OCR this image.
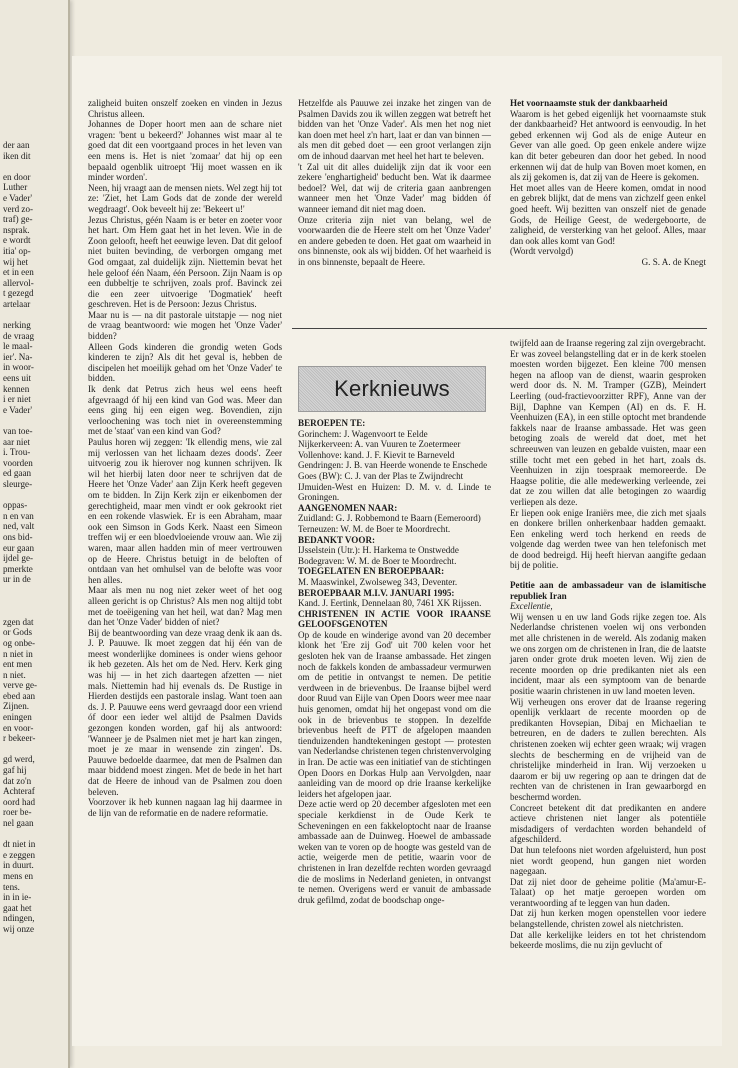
der aan

iken dit

en door

Luther

e Vader'

verd zo-

traf) ge-

nsprak.

e wordt

itia' op-

wij het

et in een

allervol-

t gezegd

artelaar

nerking

de vraag

le maal-

ier'. Na-

in woor-

eens uit

kennen

i er niet

e Vader'

van toe-

aar niet

i. Trou-

voorden

ed gaan

sleurge-

oppas-

n en van

ned, valt

ons bid-

eur gaan

ijdel ge-

pmerkte

ur in de

zgen dat

or Gods

og onbe-

n niet in

ent men

n niet.

verve ge-

ebed aan

Zijnen.

eningen

en voor-

r bekeer-

gd werd,

gaf hij

dat zo'n

Achteraf

oord had

roer be-

nel gaan

dt niet in

e zeggen

in duurt.

mens en

tens.

in in ie-

gaat het

ndingen,

wij onze

zaligheid buiten onszelf zoeken en vinden in Jezus Christus alleen.

Johannes de Doper hoort men aan de schare niet vragen: 'bent u bekeerd?' Johannes wist maar al te goed dat dit een voortgaand proces in het leven van een mens is. Het is niet 'zomaar' dat hij op een bepaald ogenblik uitroept 'Hij moet wassen en ik minder worden'.

Neen, hij vraagt aan de mensen niets. Wel zegt hij tot ze: 'Ziet, het Lam Gods dat de zonde der wereld wegdraagt'. Ook beveelt hij ze: 'Bekeert u!'

Jezus Christus, géén Naam is er beter en zoeter voor het hart. Om Hem gaat het in het leven. Wie in de Zoon gelooft, heeft het eeuwige leven. Dat dit geloof niet buiten bevinding, de verborgen omgang met God omgaat, zal duidelijk zijn. Niettemin bevat het hele geloof één Naam, één Persoon. Zijn Naam is op een dubbeltje te schrijven, zoals prof. Bavinck zei die een zeer uitvoerige 'Dogmatiek' heeft geschreven. Het is de Persoon: Jezus Christus.

Maar nu is — na dit pastorale uitstapje — nog niet de vraag beantwoord: wie mogen het 'Onze Vader' bidden?

Alleen Gods kinderen die grondig weten Gods kinderen te zijn? Als dit het geval is, hebben de discipelen het moeilijk gehad om het 'Onze Vader' te bidden.

Ik denk dat Petrus zich heus wel eens heeft afgevraagd óf hij een kind van God was. Meer dan eens ging hij een eigen weg. Bovendien, zijn verloochening was toch niet in overeenstemming met de 'staat' van een kind van God?

Paulus horen wij zeggen: 'Ik ellendig mens, wie zal mij verlossen van het lichaam dezes doods'. Zeer uitvoerig zou ik hierover nog kunnen schrijven. Ik wil het hierbij laten door neer te schrijven dat de Heere het 'Onze Vader' aan Zijn Kerk heeft gegeven om te bidden. In Zijn Kerk zijn er eikenbomen der gerechtigheid, maar men vindt er ook gekrookt riet en een rokende vlaswiek. Er is een Abraham, maar ook een Simson in Gods Kerk. Naast een Simeon treffen wij er een bloedvloeiende vrouw aan. Wie zij waren, maar allen hadden min of meer vertrouwen op de Heere. Christus betuigt in de beloften of ontdaan van het omhulsel van de belofte was voor hen alles.

Maar als men nu nog niet zeker weet of het oog alleen gericht is op Christus? Als men nog altijd tobt met de toeëigening van het heil, wat dan? Mag men dan het 'Onze Vader' bidden of niet?

Bij de beantwoording van deze vraag denk ik aan ds. J. P. Pauuwe. Ik moet zeggen dat hij één van de meest wonderlijke dominees is onder wiens gehoor ik heb gezeten. Als het om de Ned. Herv. Kerk ging was hij — in het zich daartegen afzetten — niet mals. Niettemin had hij evenals ds. De Rustige in Hierden destijds een pastorale inslag. Want toen aan ds. J. P. Pauuwe eens werd gevraagd door een vriend óf door een ieder wel altijd de Psalmen Davids gezongen konden worden, gaf hij als antwoord: 'Wanneer je de Psalmen niet met je hart kan zingen, moet je ze maar in wensende zin zingen'. Ds. Pauuwe bedoelde daarmee, dat men de Psalmen dan maar biddend moest zingen. Met de bede in het hart dat de Heere de inhoud van de Psalmen zou doen beleven.

Voorzover ik heb kunnen nagaan lag hij daarmee in de lijn van de reformatie en de nadere reformatie.

Hetzelfde als Pauuwe zei inzake het zingen van de Psalmen Davids zou ik willen zeggen wat betreft het bidden van het 'Onze Vader'. Als men het nog niet kan doen met heel z'n hart, laat er dan van binnen — als men dit gebed doet — een groot verlangen zijn om de inhoud daarvan met heel het hart te beleven.

't Zal uit dit alles duidelijk zijn dat ik voor een zekere 'enghartigheid' beducht ben. Wat ik daarmee bedoel? Wel, dat wij de criteria gaan aanbrengen wanneer men het 'Onze Vader' mag bidden óf wanneer iemand dit niet mag doen.

Onze criteria zijn niet van belang, wel de voorwaarden die de Heere stelt om het 'Onze Vader' en andere gebeden te doen. Het gaat om waarheid in ons binnenste, ook als wij bidden. Of het waarheid is in ons binnenste, bepaalt de Heere.

Het voornaamste stuk der dankbaarheid

Waarom is het gebed eigenlijk het voornaamste stuk der dankbaarheid? Het antwoord is eenvoudig. In het gebed erkennen wij God als de enige Auteur en Gever van alle goed. Op geen enkele andere wijze kan dit beter gebeuren dan door het gebed. In nood erkennen wij dat de hulp van Boven moet komen, en als zij gekomen is, dat zij van de Heere is gekomen.

Het moet alles van de Heere komen, omdat in nood en gebrek blijkt, dat de mens van zichzelf geen enkel goed heeft. Wij bezitten van onszelf niet de genade Gods, de Heilige Geest, de wedergeboorte, de zaligheid, de versterking van het geloof. Alles, maar dan ook alles komt van God!

(Wordt vervolgd)

G. S. A. de Knegt

Kerknieuws

BEROEPEN TE:

Gorinchem: J. Wagenvoort te Eelde

Nijkerkerveen: A. van Vuuren te Zoetermeer

Vollenhove: kand. J. F. Kievit te Barneveld

Gendringen: J. B. van Heerde wonende te Enschede

Goes (BW): C. J. van der Plas te Zwijndrecht

IJmuiden-West en Huizen: D. M. v. d. Linde te Groningen.

AANGENOMEN NAAR:

Zuidland: G. J. Robbemond te Baarn (Eemeroord)

Terneuzen: W. M. de Boer te Moordrecht.

BEDANKT VOOR:

IJsselstein (Utr.): H. Harkema te Onstwedde

Bodegraven: W. M. de Boer te Moordrecht.

TOEGELATEN EN BEROEPBAAR:

M. Maaswinkel, Zwolseweg 343, Deventer.

BEROEPBAAR M.I.V. JANUARI 1995:

Kand. J. Eertink, Dennelaan 80, 7461 XK Rijssen.

CHRISTENEN IN ACTIE VOOR IRAANSE GELOOFSGENOTEN

Op de koude en winderige avond van 20 december klonk het 'Ere zij God' uit 700 kelen voor het gesloten hek van de Iraanse ambassade. Het zingen noch de fakkels konden de ambassadeur vermurwen om de petitie in ontvangst te nemen. De petitie verdween in de brievenbus. De Iraanse bijbel werd door Ruud van Eijle van Open Doors weer mee naar huis genomen, omdat hij het ongepast vond om die ook in de brievenbus te stoppen. In dezelfde brievenbus heeft de PTT de afgelopen maanden tienduizenden handtekeningen gestopt — protesten van Nederlandse christenen tegen christenvervolging in Iran. De actie was een initiatief van de stichtingen Open Doors en Dorkas Hulp aan Vervolgden, naar aanleiding van de moord op drie Iraanse kerkelijke leiders het afgelopen jaar.

Deze actie werd op 20 december afgesloten met een speciale kerkdienst in de Oude Kerk te Scheveningen en een fakkeloptocht naar de Iraanse ambassade aan de Duinweg. Hoewel de ambassade weken van te voren op de hoogte was gesteld van de actie, weigerde men de petitie, waarin voor de christenen in Iran dezelfde rechten worden gevraagd die de moslims in Nederland genieten, in ontvangst te nemen. Overigens werd er vanuit de ambassade druk gefilmd, zodat de boodschap onge-

twijfeld aan de Iraanse regering zal zijn overgebracht.

Er was zoveel belangstelling dat er in de kerk stoelen moesten worden bijgezet. Een kleine 700 mensen hegen na afloop van de dienst, waarin gesproken werd door ds. N. M. Tramper (GZB), Meindert Leerling (oud-fractievoorzitter RPF), Anne van der Bijl, Daphne van Kempen (AI) en ds. F. H. Veenhuizen (EA), in een stille optocht met brandende fakkels naar de Iraanse ambassade. Het was geen betoging zoals de wereld dat doet, met het schreeuwen van leuzen en gebalde vuisten, maar een stille tocht met een gebed in het hart, zoals ds. Veenhuizen in zijn toespraak memoreerde. De Haagse politie, die alle medewerking verleende, zei dat ze zou willen dat alle betogingen zo waardig verliepen als deze.

Er liepen ook enige Iraniërs mee, die zich met sjaals en donkere brillen onherkenbaar hadden gemaakt. Een enkeling werd toch herkend en reeds de volgende dag werden twee van hen telefonisch met de dood bedreigd. Hij heeft hiervan aangifte gedaan bij de politie.

Petitie aan de ambassadeur van de islamitische republiek Iran

Excellentie,

Wij wensen u en uw land Gods rijke zegen toe. Als Nederlandse christenen voelen wij ons verbonden met alle christenen in de wereld. Als zodanig maken we ons zorgen om de christenen in Iran, die de laatste jaren onder grote druk moeten leven. Wij zien de recente moorden op drie predikanten niet als een incident, maar als een symptoom van de benarde positie waarin christenen in uw land moeten leven.

Wij verheugen ons erover dat de Iraanse regering openlijk verklaart de recente moorden op de predikanten Hovsepian, Dibaj en Michaelian te betreuren, en de daders te zullen berechten. Als christenen zoeken wij echter geen wraak; wij vragen slechts de bescherming en de vrijheid van de christelijke minderheid in Iran. Wij verzoeken u daarom er bij uw regering op aan te dringen dat de rechten van de christenen in Iran gewaarborgd en beschermd worden.

Concreet betekent dit dat predikanten en andere actieve christenen niet langer als potentiële misdadigers of verdachten worden behandeld of afgeschilderd.

Dat hun telefoons niet worden afgeluisterd, hun post niet wordt geopend, hun gangen niet worden nagegaan.

Dat zij niet door de geheime politie (Ma'amur-E-Talaat) op het matje geroepen worden om verantwoording af te leggen van hun daden.

Dat zij hun kerken mogen openstellen voor iedere belangstellende, christen zowel als nietchristen.

Dat alle kerkelijke leiders en tot het christendom bekeerde moslims, die nu zijn gevlucht of
